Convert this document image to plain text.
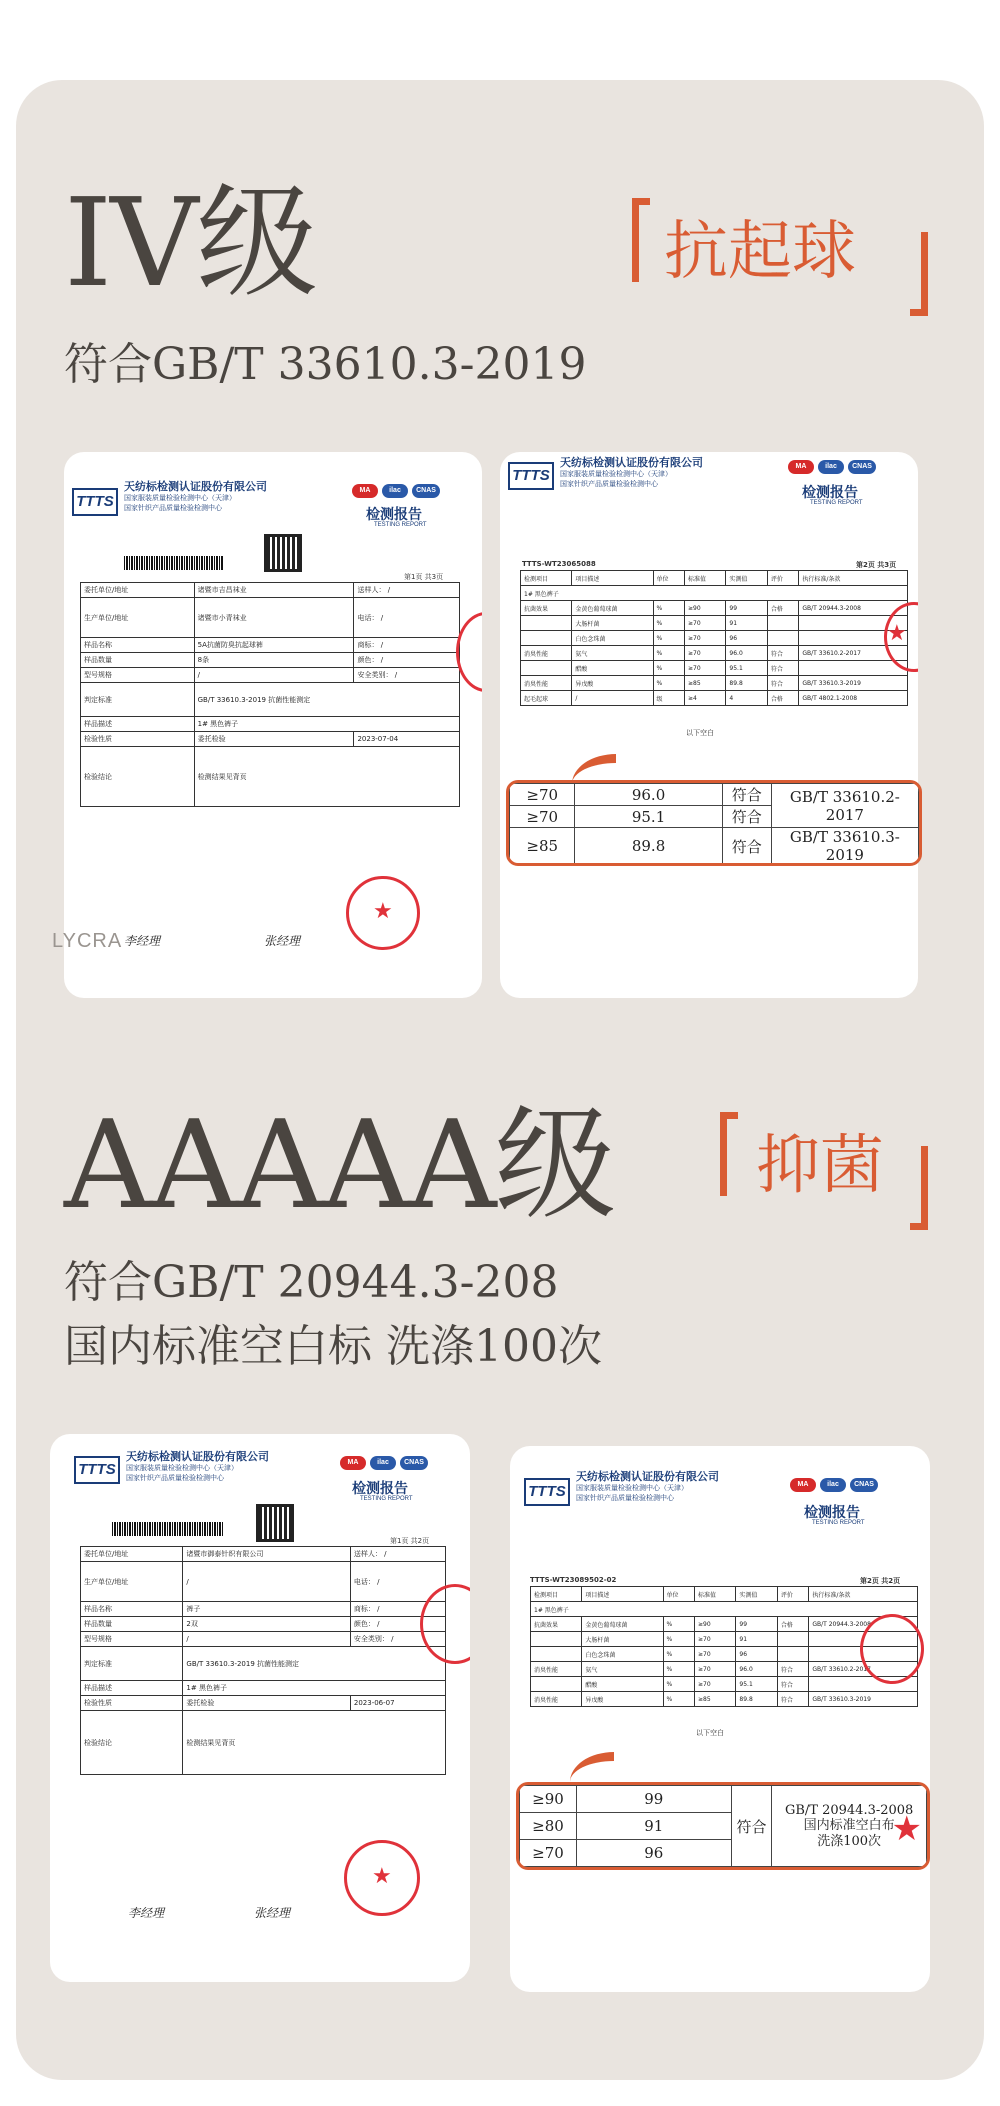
IV级	抗起球
符合GB/T 33610.3-2019
TTTS
天纺标检测认证股份有限公司
国家服装质量检验检测中心（天津）
国家针织产品质量检验检测中心
MA	ilac	CNAS
检测报告
TESTING REPORT
第1页 共3页
委托单位/地址	诸暨市吉昌袜业	送样人： /
生产单位/地址	诸暨市小青袜业	电话： /
样品名称	5A抗菌防臭抗起球裤	商标： /
样品数量	8条	颜色： /
型号规格	/	安全类别： /
判定标准	GB/T 33610.3-2019 抗菌性能测定	
样品描述	1# 黑色裤子	
检验性质	委托检验	2023-07-04
检验结论	检测结果见背页	
★
李经理	张经理
LYCRA
TTTS
天纺标检测认证股份有限公司
国家服装质量检验检测中心（天津）
国家针织产品质量检验检测中心
MA	ilac	CNAS
检测报告
TESTING REPORT
TTTS-WT23065088	第2页 共3页
检测项目	项目描述	单位	标准值	实测值	评价	执行标准/条款
1# 黑色裤子						
抗菌效果	金黄色葡萄球菌	%	≥90	99	合格	GB/T 20944.3-2008
	大肠杆菌	%	≥70	91		
	白色念珠菌	%	≥70	96		
消臭性能	氨气	%	≥70	96.0	符合	GB/T 33610.2-2017
	醋酸	%	≥70	95.1	符合	
消臭性能	异戊酸	%	≥85	89.8	符合	GB/T 33610.3-2019
起毛起球	/	级	≥4	4	合格	GB/T 4802.1-2008
以下空白
★
≥70	96.0	符合	GB/T 33610.2-2017
≥70	95.1	符合	
≥85	89.8	符合	GB/T 33610.3-2019
AAAAA级 抑菌
符合GB/T 20944.3-208
国内标准空白标 洗涤100次
TTTS
天纺标检测认证股份有限公司
国家服装质量检验检测中心（天津）
国家针织产品质量检验检测中心
MA	ilac	CNAS
检测报告
TESTING REPORT
第1页 共2页
委托单位/地址	诸暨市御泰针织有限公司	送样人： /
生产单位/地址	/	电话： /
样品名称	裤子	商标： /
样品数量	2双	颜色： /
型号规格	/	安全类别： /
判定标准	GB/T 33610.3-2019 抗菌性能测定	
样品描述	1# 黑色裤子	
检验性质	委托检验	2023-06-07
检验结论	检测结果见背页	
★
李经理	张经理
TTTS
天纺标检测认证股份有限公司
国家服装质量检验检测中心（天津）
国家针织产品质量检验检测中心
MA	ilac	CNAS
检测报告
TESTING REPORT
TTTS-WT23089502-02	第2页 共2页
检测项目	项目描述	单位	标准值	实测值	评价	执行标准/条款
1# 黑色裤子						
抗菌效果	金黄色葡萄球菌	%	≥90	99	合格	GB/T 20944.3-2008
	大肠杆菌	%	≥70	91		
	白色念珠菌	%	≥70	96		
消臭性能	氨气	%	≥70	96.0	符合	GB/T 33610.2-2017
	醋酸	%	≥70	95.1	符合	
消臭性能	异戊酸	%	≥85	89.8	符合	GB/T 33610.3-2019
以下空白
≥90	99	符合	GB/T 20944.3-2008
国内标准空白布
洗涤100次 ★

≥80	91		
≥70	96		
